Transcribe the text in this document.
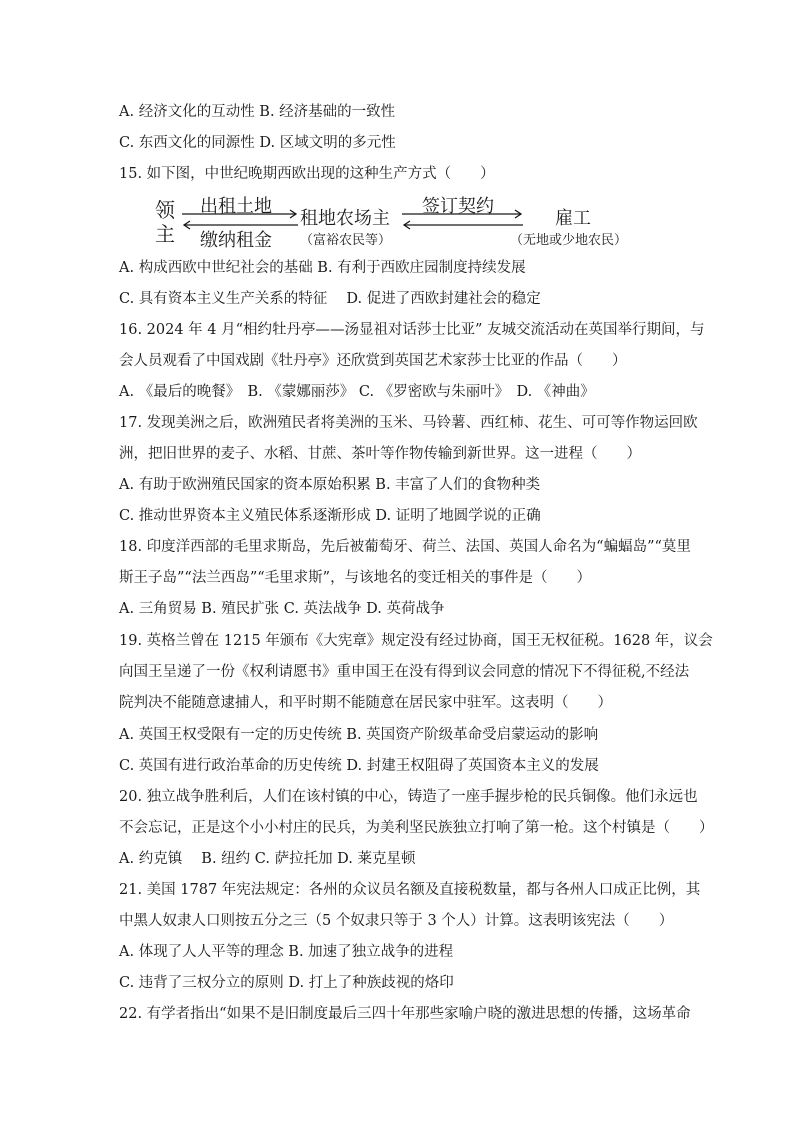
A. 经济文化的互动性 B. 经济基础的一致性
C. 东西文化的同源性 D. 区域文明的多元性
15. 如下图，中世纪晚期西欧出现的这种生产方式（　　）
领
主
出租土地
缴纳租金
租地农场主
（富裕农民等）
签订契约
雇工
（无地或少地农民）
A. 构成西欧中世纪社会的基础 B. 有利于西欧庄园制度持续发展
C. 具有资本主义生产关系的特征　 D. 促进了西欧封建社会的稳定
16. 2024 年 4 月“相约牡丹亭——汤显祖对话莎士比亚” 友城交流活动在英国举行期间，与
会人员观看了中国戏剧《牡丹亭》还欣赏到英国艺术家莎士比亚的作品（　　）
A. 《最后的晚餐》　B. 《蒙娜丽莎》 C. 《罗密欧与朱丽叶》　D. 《神曲》
17. 发现美洲之后，欧洲殖民者将美洲的玉米、马铃薯、西红柿、花生、可可等作物运回欧
洲，把旧世界的麦子、水稻、甘蔗、茶叶等作物传输到新世界。这一进程（　　）
A. 有助于欧洲殖民国家的资本原始积累 B. 丰富了人们的食物种类
C. 推动世界资本主义殖民体系逐渐形成 D. 证明了地圆学说的正确
18. 印度洋西部的毛里求斯岛，先后被葡萄牙、荷兰、法国、英国人命名为“蝙蝠岛”“莫里
斯王子岛”“法兰西岛”“毛里求斯”，与该地名的变迁相关的事件是（　　）
A. 三角贸易 B. 殖民扩张 C. 英法战争 D. 英荷战争
19. 英格兰曾在 1215 年颁布《大宪章》规定没有经过协商，国王无权征税。1628 年，议会
向国王呈递了一份《权利请愿书》重申国王在没有得到议会同意的情况下不得征税,不经法
院判决不能随意逮捕人，和平时期不能随意在居民家中驻军。这表明（　　）
A. 英国王权受限有一定的历史传统 B. 英国资产阶级革命受启蒙运动的影响
C. 英国有进行政治革命的历史传统 D. 封建王权阻碍了英国资本主义的发展
20. 独立战争胜利后，人们在该村镇的中心，铸造了一座手握步枪的民兵铜像。他们永远也
不会忘记，正是这个小小村庄的民兵，为美利坚民族独立打响了第一枪。这个村镇是（　　）
A. 约克镇　 B. 纽约 C. 萨拉托加 D. 莱克星顿
21. 美国 1787 年宪法规定：各州的众议员名额及直接税数量，都与各州人口成正比例，其
中黑人奴隶人口则按五分之三（5 个奴隶只等于 3 个人）计算。这表明该宪法（　　）
A. 体现了人人平等的理念 B. 加速了独立战争的进程
C. 违背了三权分立的原则 D. 打上了种族歧视的烙印
22. 有学者指出“如果不是旧制度最后三四十年那些家喻户晓的激进思想的传播，这场革命
